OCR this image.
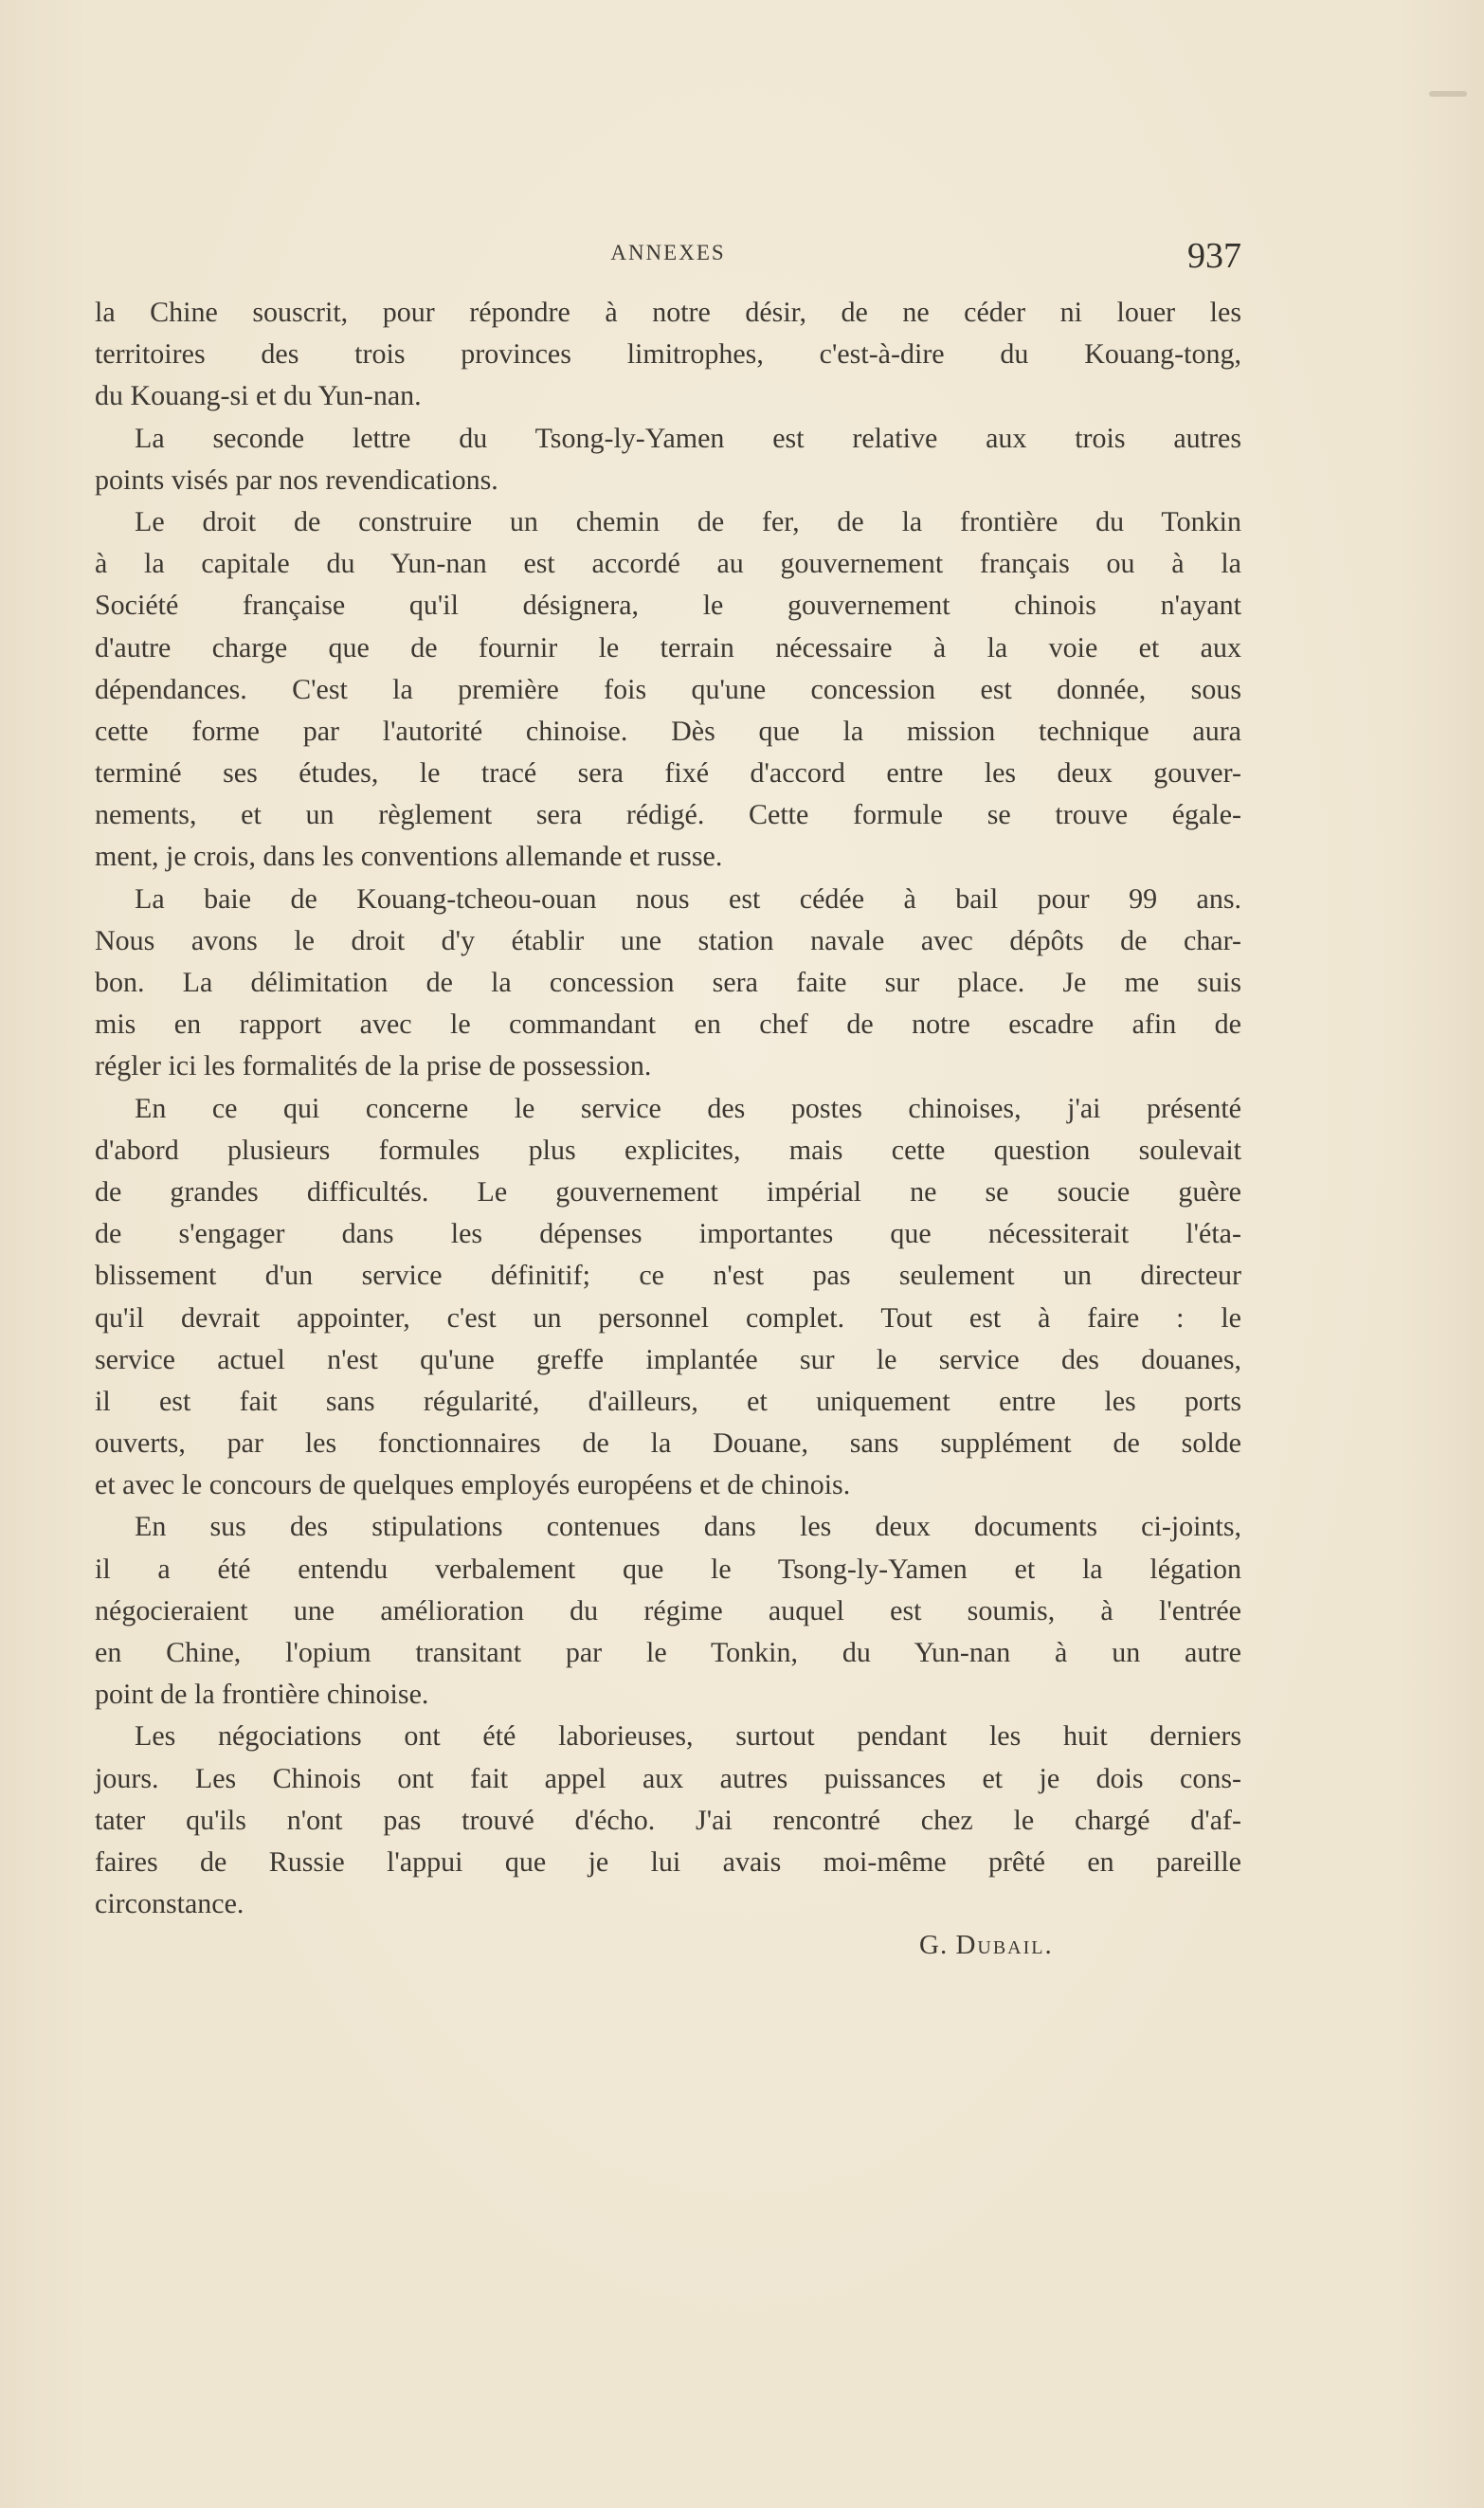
ANNEXES	937
la Chine souscrit, pour répondre à notre désir, de ne céder ni louer les
territoires des trois provinces limitrophes, c'est-à-dire du Kouang-tong,
du Kouang-si et du Yun-nan.
La seconde lettre du Tsong-ly-Yamen est relative aux trois autres
points visés par nos revendications.
Le droit de construire un chemin de fer, de la frontière du Tonkin
à la capitale du Yun-nan est accordé au gouvernement français ou à la
Société française qu'il désignera, le gouvernement chinois n'ayant
d'autre charge que de fournir le terrain nécessaire à la voie et aux
dépendances. C'est la première fois qu'une concession est donnée, sous
cette forme par l'autorité chinoise. Dès que la mission technique aura
terminé ses études, le tracé sera fixé d'accord entre les deux gouver-
nements, et un règlement sera rédigé. Cette formule se trouve égale-
ment, je crois, dans les conventions allemande et russe.
La baie de Kouang-tcheou-ouan nous est cédée à bail pour 99 ans.
Nous avons le droit d'y établir une station navale avec dépôts de char-
bon. La délimitation de la concession sera faite sur place. Je me suis
mis en rapport avec le commandant en chef de notre escadre afin de
régler ici les formalités de la prise de possession.
En ce qui concerne le service des postes chinoises, j'ai présenté
d'abord plusieurs formules plus explicites, mais cette question soulevait
de grandes difficultés. Le gouvernement impérial ne se soucie guère
de s'engager dans les dépenses importantes que nécessiterait l'éta-
blissement d'un service définitif; ce n'est pas seulement un directeur
qu'il devrait appointer, c'est un personnel complet. Tout est à faire : le
service actuel n'est qu'une greffe implantée sur le service des douanes,
il est fait sans régularité, d'ailleurs, et uniquement entre les ports
ouverts, par les fonctionnaires de la Douane, sans supplément de solde
et avec le concours de quelques employés européens et de chinois.
En sus des stipulations contenues dans les deux documents ci-joints,
il a été entendu verbalement que le Tsong-ly-Yamen et la légation
négocieraient une amélioration du régime auquel est soumis, à l'entrée
en Chine, l'opium transitant par le Tonkin, du Yun-nan à un autre
point de la frontière chinoise.
Les négociations ont été laborieuses, surtout pendant les huit derniers
jours. Les Chinois ont fait appel aux autres puissances et je dois cons-
tater qu'ils n'ont pas trouvé d'écho. J'ai rencontré chez le chargé d'af-
faires de Russie l'appui que je lui avais moi-même prêté en pareille
circonstance.
G. Dubail.
